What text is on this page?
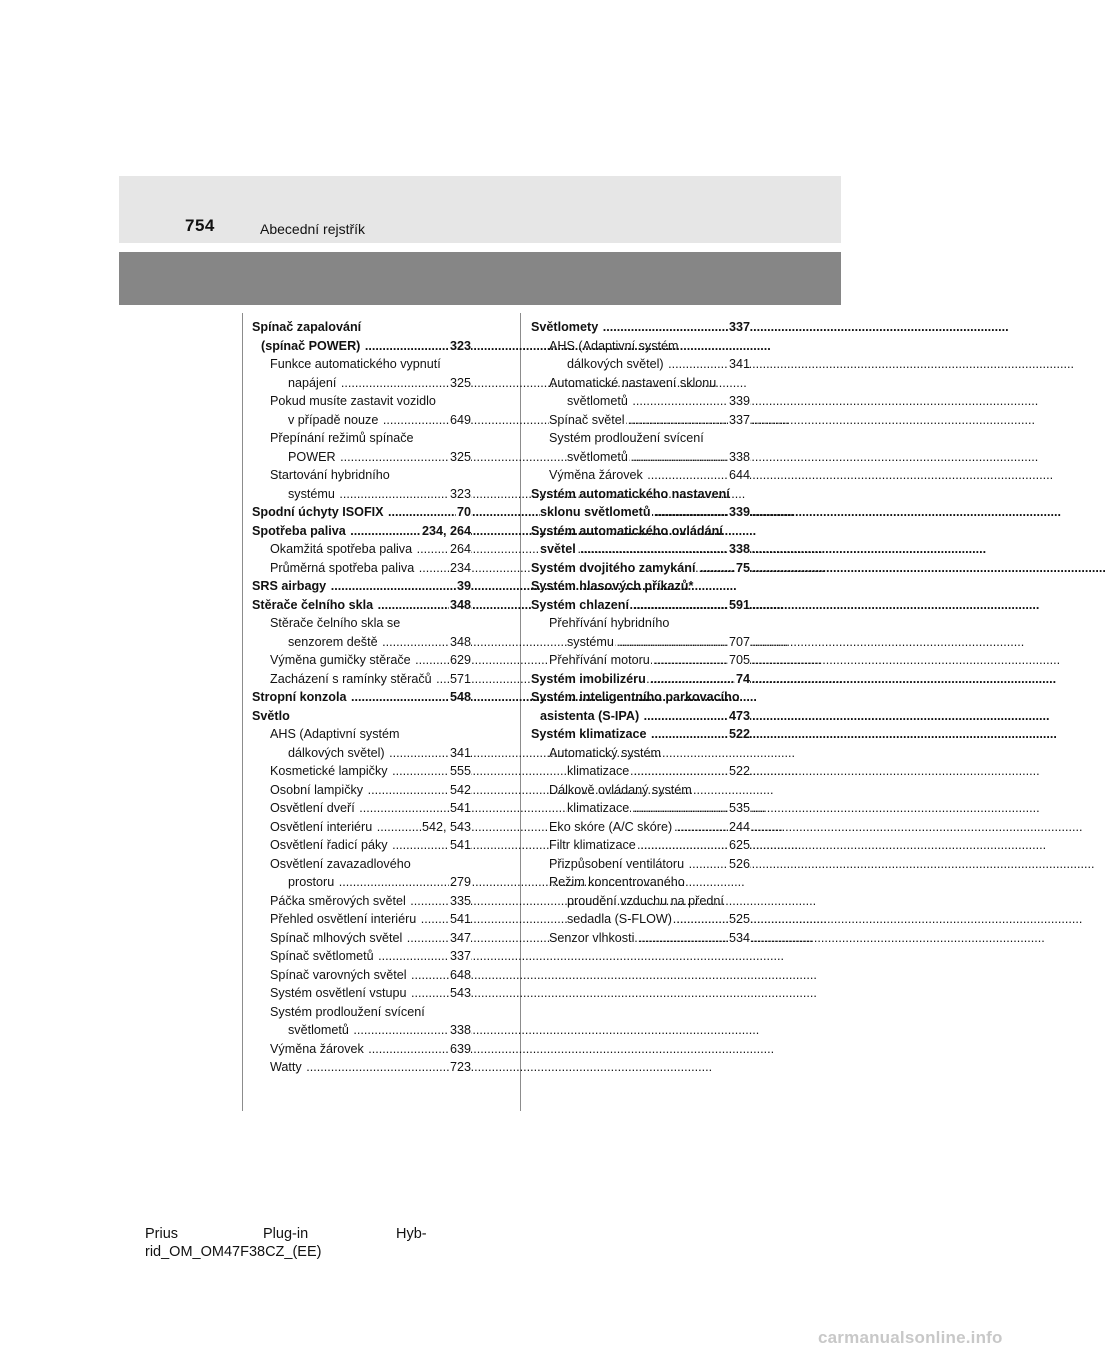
754	Abecední rejstřík
Spínač zapalování
(spínač POWER) .....	323
Funkce automatického vypnutí
napájení .....	325
Pokud musíte zastavit vozidlo
v případě nouze .....	649
Přepínání režimů spínače
POWER .....	325
Startování hybridního
systému .....	323
Spodní úchyty ISOFIX .....	70
Spotřeba paliva .....	234, 264
Okamžitá spotřeba paliva .....	264
Průměrná spotřeba paliva .....	234
SRS airbagy .....	39
Stěrače čelního skla .....	348
Stěrače čelního skla se
senzorem deště .....	348
Výměna gumičky stěrače .....	629
Zacházení s ramínky stěračů .....	571
Stropní konzola .....	548
Světlo
AHS (Adaptivní systém
dálkových světel) .....	341
Kosmetické lampičky .....	555
Osobní lampičky .....	542
Osvětlení dveří .....	541
Osvětlení interiéru .....	542, 543
Osvětlení řadicí páky .....	541
Osvětlení zavazadlového
prostoru .....	279
Páčka směrových světel .....	335
Přehled osvětlení interiéru .....	541
Spínač mlhových světel .....	347
Spínač světlometů .....	337
Spínač varovných světel .....	648
Systém osvětlení vstupu .....	543
Systém prodloužení svícení
světlometů .....	338
Výměna žárovek .....	639
Watty .....	723
Světlomety .....	337
AHS (Adaptivní systém
dálkových světel) .....	341
Automatické nastavení sklonu
světlometů .....	339
Spínač světel .....	337
Systém prodloužení svícení
světlometů .....	338
Výměna žárovek .....	644
Systém automatického nastavení
sklonu světlometů .....	339
Systém automatického ovládání
světel .....	338
Systém dvojitého zamykání .....	75
Systém hlasových příkazů*
Systém chlazení .....	591
Přehřívání hybridního
systému .....	707
Přehřívání motoru .....	705
Systém imobilizéru .....	74
Systém inteligentního parkovacího
asistenta (S-IPA) .....	473
Systém klimatizace .....	522
Automatický systém
klimatizace .....	522
Dálkově ovládaný systém
klimatizace .....	535
Eko skóre (A/C skóre) .....	244
Filtr klimatizace .....	625
Přizpůsobení ventilátoru .....	526
Režim koncentrovaného
proudění vzduchu na přední
sedadla (S-FLOW) .....	525
Senzor vlhkosti .....	534
Prius	Plug-in	Hyb-
rid_OM_OM47F38CZ_(EE)
carmanualsonline.info
